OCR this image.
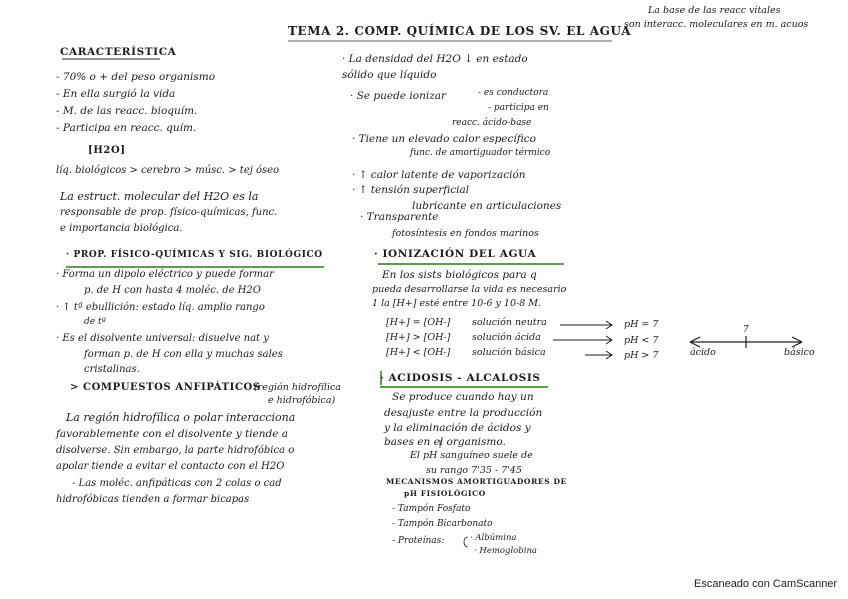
TEMA 2. COMP. QUÍMICA DE LOS SV. EL AGUA
La base de las reacc vitales
son interacc. moleculares en m. acuos
CARACTERÍSTICA
- 70% o + del peso organismo
- En ella surgió la vida
- M. de las reacc. bioquím.
- Participa en reacc. quím.
[H2O]
líq. biológicos > cerebro > músc. > tej óseo
La estruct. molecular del H2O es la
responsable de prop. físico-químicas, func.
e importancia biológica.
· PROP. FÍSICO-QUÍMICAS Y SIG. BIOLÓGICO
· Forma un dipolo eléctrico y puede formar
p. de H con hasta 4 moléc. de H2O
· ↑ tª ebullición: estado líq. amplio rango
de tª
· Es el disolvente universal: disuelve nat y
forman p. de H con ella y muchas sales
cristalinas.
> COMPUESTOS ANFIPÁTICOS
(región hidrofílica
e hidrofóbica)
La región hidrofílica o polar interacciona
favorablemente con el disolvente y tiende a
disolverse. Sin embargo, la parte hidrofóbica o
apolar tiende a evitar el contacto con el H2O
- Las moléc. anfipáticas con 2 colas o cad
hidrofóbicas tienden a formar bicapas
· La densidad del H2O ↓ en estado
sólido que líquido
· Se puede ionizar	- es conductora
- participa en
reacc. ácido-base
· Tiene un elevado calor específico
func. de amortiguador térmico
· ↑ calor latente de vaporización
· ↑ tensión superficial
lubricante en articulaciones
· Transparente
fotosíntesis en fondos marinos
· IONIZACIÓN DEL AGUA
En los sists biológicos para q
pueda desarrollarse la vida es necesario
1 la [H+] esté entre 10-6 y 10-8 M.
[H+] = [OH-] solución neutra	pH = 7
[H+] > [OH-] solución ácida	pH < 7
[H+] < [OH-] solución básica	pH > 7
7
ácido	básico
· ACIDOSIS - ALCALOSIS
Se produce cuando hay un
desajuste entre la producción
y la eliminación de ácidos y
bases en el organismo.
El pH sanguíneo suele de
su rango 7'35 - 7'45
MECANISMOS AMORTIGUADORES DE
pH FISIOLÓGICO
- Tampón Fosfato
- Tampón Bicarbonato
- Proteínas:	· Albúmina
· Hemoglobina
Escaneado con CamScanner
